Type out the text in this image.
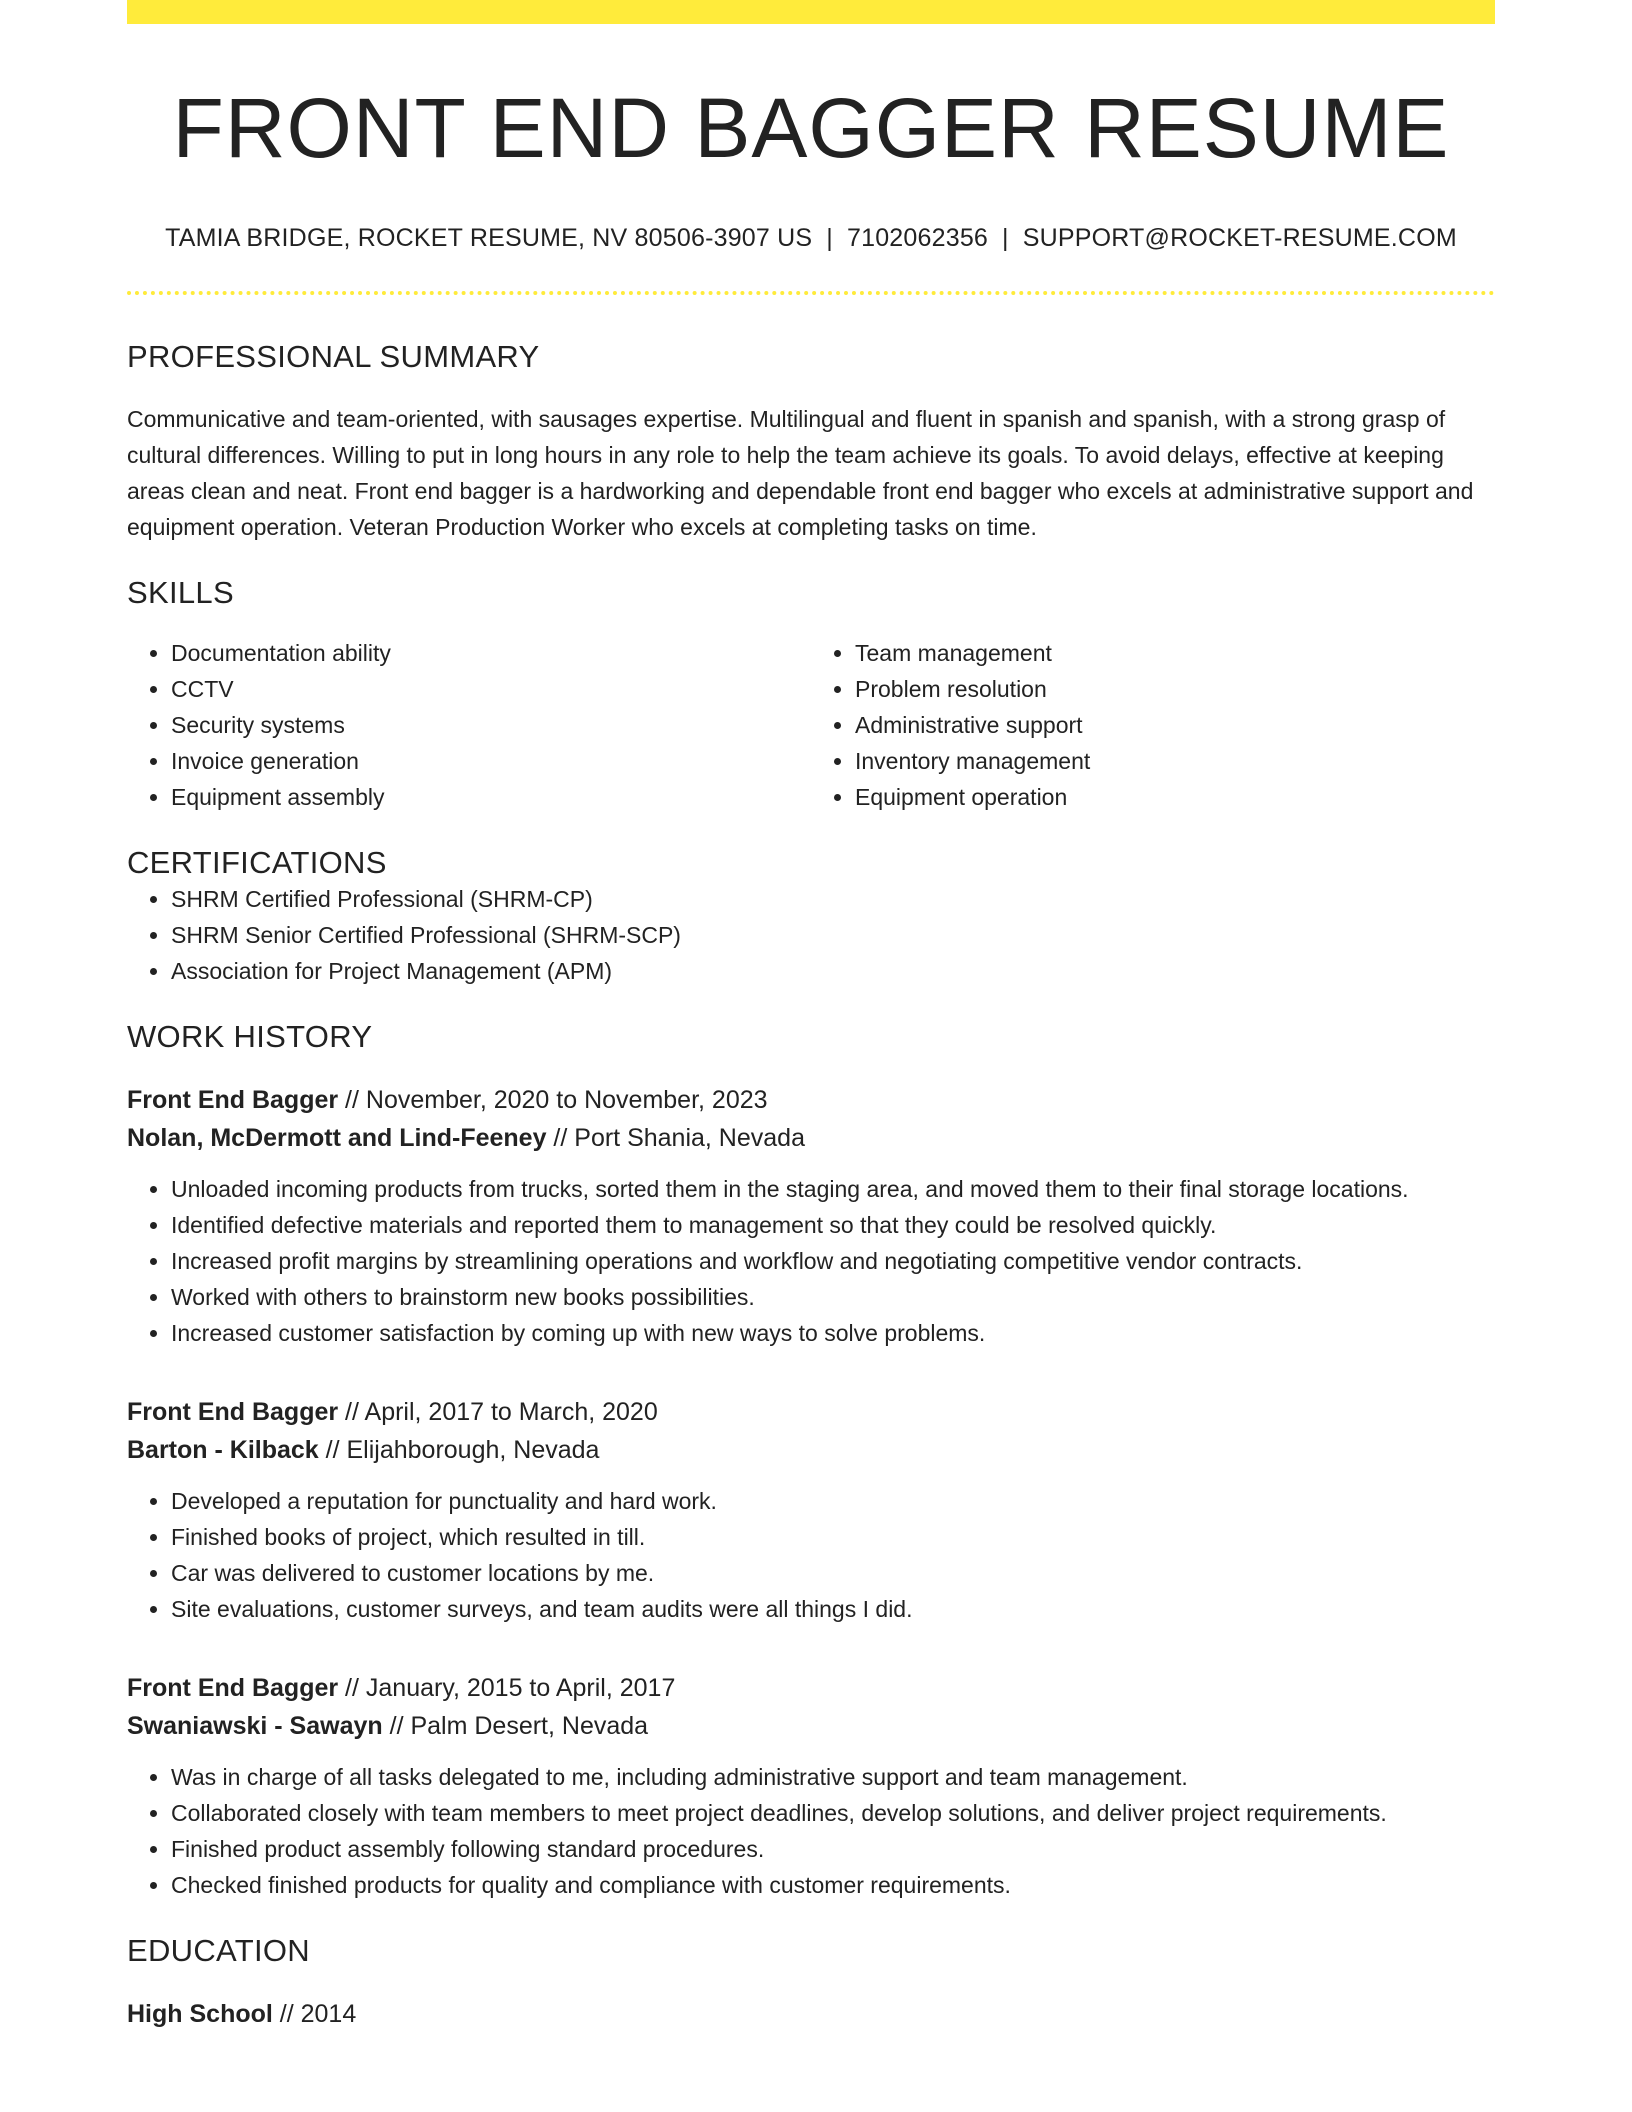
FRONT END BAGGER RESUME
TAMIA BRIDGE, ROCKET RESUME, NV 80506-3907 US | 7102062356 | SUPPORT@ROCKET-RESUME.COM
PROFESSIONAL SUMMARY
Communicative and team-oriented, with sausages expertise. Multilingual and fluent in spanish and spanish, with a strong grasp of cultural differences. Willing to put in long hours in any role to help the team achieve its goals. To avoid delays, effective at keeping areas clean and neat. Front end bagger is a hardworking and dependable front end bagger who excels at administrative support and equipment operation. Veteran Production Worker who excels at completing tasks on time.
SKILLS
• Documentation ability
• CCTV
• Security systems
• Invoice generation
• Equipment assembly
• Team management
• Problem resolution
• Administrative support
• Inventory management
• Equipment operation
CERTIFICATIONS
• SHRM Certified Professional (SHRM-CP)
• SHRM Senior Certified Professional (SHRM-SCP)
• Association for Project Management (APM)
WORK HISTORY
Front End Bagger // November, 2020 to November, 2023
Nolan, McDermott and Lind-Feeney // Port Shania, Nevada
• Unloaded incoming products from trucks, sorted them in the staging area, and moved them to their final storage locations.
• Identified defective materials and reported them to management so that they could be resolved quickly.
• Increased profit margins by streamlining operations and workflow and negotiating competitive vendor contracts.
• Worked with others to brainstorm new books possibilities.
• Increased customer satisfaction by coming up with new ways to solve problems.
Front End Bagger // April, 2017 to March, 2020
Barton - Kilback // Elijahborough, Nevada
• Developed a reputation for punctuality and hard work.
• Finished books of project, which resulted in till.
• Car was delivered to customer locations by me.
• Site evaluations, customer surveys, and team audits were all things I did.
Front End Bagger // January, 2015 to April, 2017
Swaniawski - Sawayn // Palm Desert, Nevada
• Was in charge of all tasks delegated to me, including administrative support and team management.
• Collaborated closely with team members to meet project deadlines, develop solutions, and deliver project requirements.
• Finished product assembly following standard procedures.
• Checked finished products for quality and compliance with customer requirements.
EDUCATION
High School // 2014
